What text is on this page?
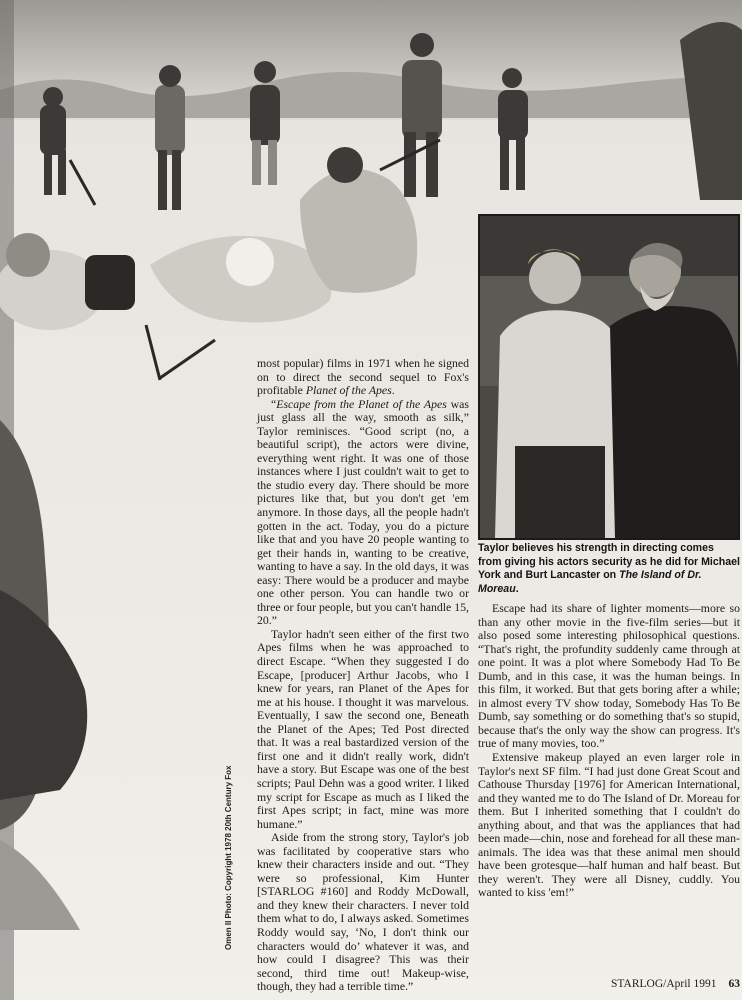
Taylor believes his strength in directing comes from giving his actors security as he did for Michael York and Burt Lancaster on The Island of Dr. Moreau.

most popular) films in 1971 when he signed on to direct the second sequel to Fox's profitable Planet of the Apes.

“Escape from the Planet of the Apes was just glass all the way, smooth as silk,” Taylor reminisces. “Good script (no, a beautiful script), the actors were divine, everything went right. It was one of those instances where I just couldn't wait to get to the studio every day. There should be more pictures like that, but you don't get 'em anymore. In those days, all the people hadn't gotten in the act. Today, you do a picture like that and you have 20 people wanting to get their hands in, wanting to be creative, wanting to have a say. In the old days, it was easy: There would be a producer and maybe one other person. You can handle two or three or four people, but you can't handle 15, 20.”

Taylor hadn't seen either of the first two Apes films when he was approached to direct Escape. “When they suggested I do Escape, [producer] Arthur Jacobs, who I knew for years, ran Planet of the Apes for me at his house. I thought it was marvelous. Eventually, I saw the second one, Beneath the Planet of the Apes; Ted Post directed that. It was a real bastardized version of the first one and it didn't really work, didn't have a story. But Escape was one of the best scripts; Paul Dehn was a good writer. I liked my script for Escape as much as I liked the first Apes script; in fact, mine was more humane.”

Aside from the strong story, Taylor's job was facilitated by cooperative stars who knew their characters inside and out. “They were so professional, Kim Hunter [STARLOG #160] and Roddy McDowall, and they knew their characters. I never told them what to do, I always asked. Sometimes Roddy would say, ‘No, I don't think our characters would do’ whatever it was, and how could I disagree? This was their second, third time out! Makeup-wise, though, they had a terrible time.”

Omen II Photo: Copyright 1978 20th Century Fox

Escape had its share of lighter moments—more so than any other movie in the five-film series—but it also posed some interesting philosophical questions. “That's right, the profundity suddenly came through at one point. It was a plot where Somebody Had To Be Dumb, and in this case, it was the human beings. In this film, it worked. But that gets boring after a while; in almost every TV show today, Somebody Has To Be Dumb, say something or do something that's so stupid, because that's the only way the show can progress. It's true of many movies, too.”

Extensive makeup played an even larger role in Taylor's next SF film. “I had just done Great Scout and Cathouse Thursday [1976] for American International, and they wanted me to do The Island of Dr. Moreau for them. But I inherited something that I couldn't do anything about, and that was the appliances that had been made—chin, nose and forehead for all these man-animals. The idea was that these animal men should have been grotesque—half human and half beast. But they weren't. They were all Disney, cuddly. You wanted to kiss 'em!”

STARLOG/April 1991 63
